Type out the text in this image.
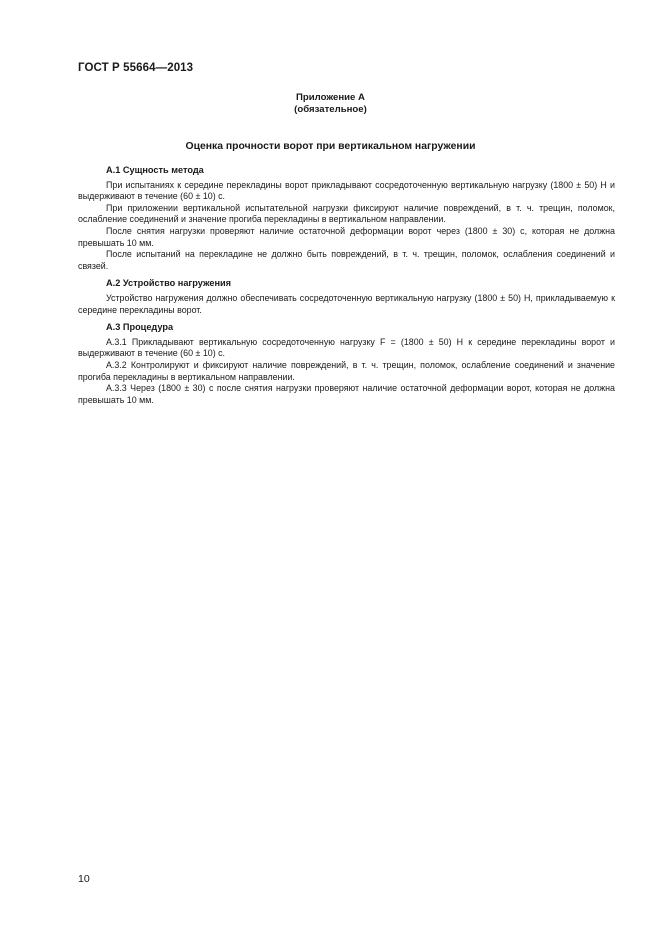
ГОСТ Р 55664—2013
Приложение А
(обязательное)
Оценка прочности ворот при вертикальном нагружении

А.1 Сущность метода

При испытаниях к середине перекладины ворот прикладывают сосредоточенную вертикальную нагрузку (1800 ± 50) Н и выдерживают в течение (60 ± 10) с.

При приложении вертикальной испытательной нагрузки фиксируют наличие повреждений, в т. ч. трещин, поломок, ослабление соединений и значение прогиба перекладины в вертикальном направлении.

После снятия нагрузки проверяют наличие остаточной деформации ворот через (1800 ± 30) с, которая не должна превышать 10 мм.

После испытаний на перекладине не должно быть повреждений, в т. ч. трещин, поломок, ослабления соединений и связей.

А.2 Устройство нагружения

Устройство нагружения должно обеспечивать сосредоточенную вертикальную нагрузку (1800 ± 50) Н, прикладываемую к середине перекладины ворот.

А.3 Процедура

А.3.1 Прикладывают вертикальную сосредоточенную нагрузку F = (1800 ± 50) Н к середине перекладины ворот и выдерживают в течение (60 ± 10) с.

А.3.2 Контролируют и фиксируют наличие повреждений, в т. ч. трещин, поломок, ослабление соединений и значение прогиба перекладины в вертикальном направлении.

А.3.3 Через (1800 ± 30) с после снятия нагрузки проверяют наличие остаточной деформации ворот, которая не должна превышать 10 мм.

10
